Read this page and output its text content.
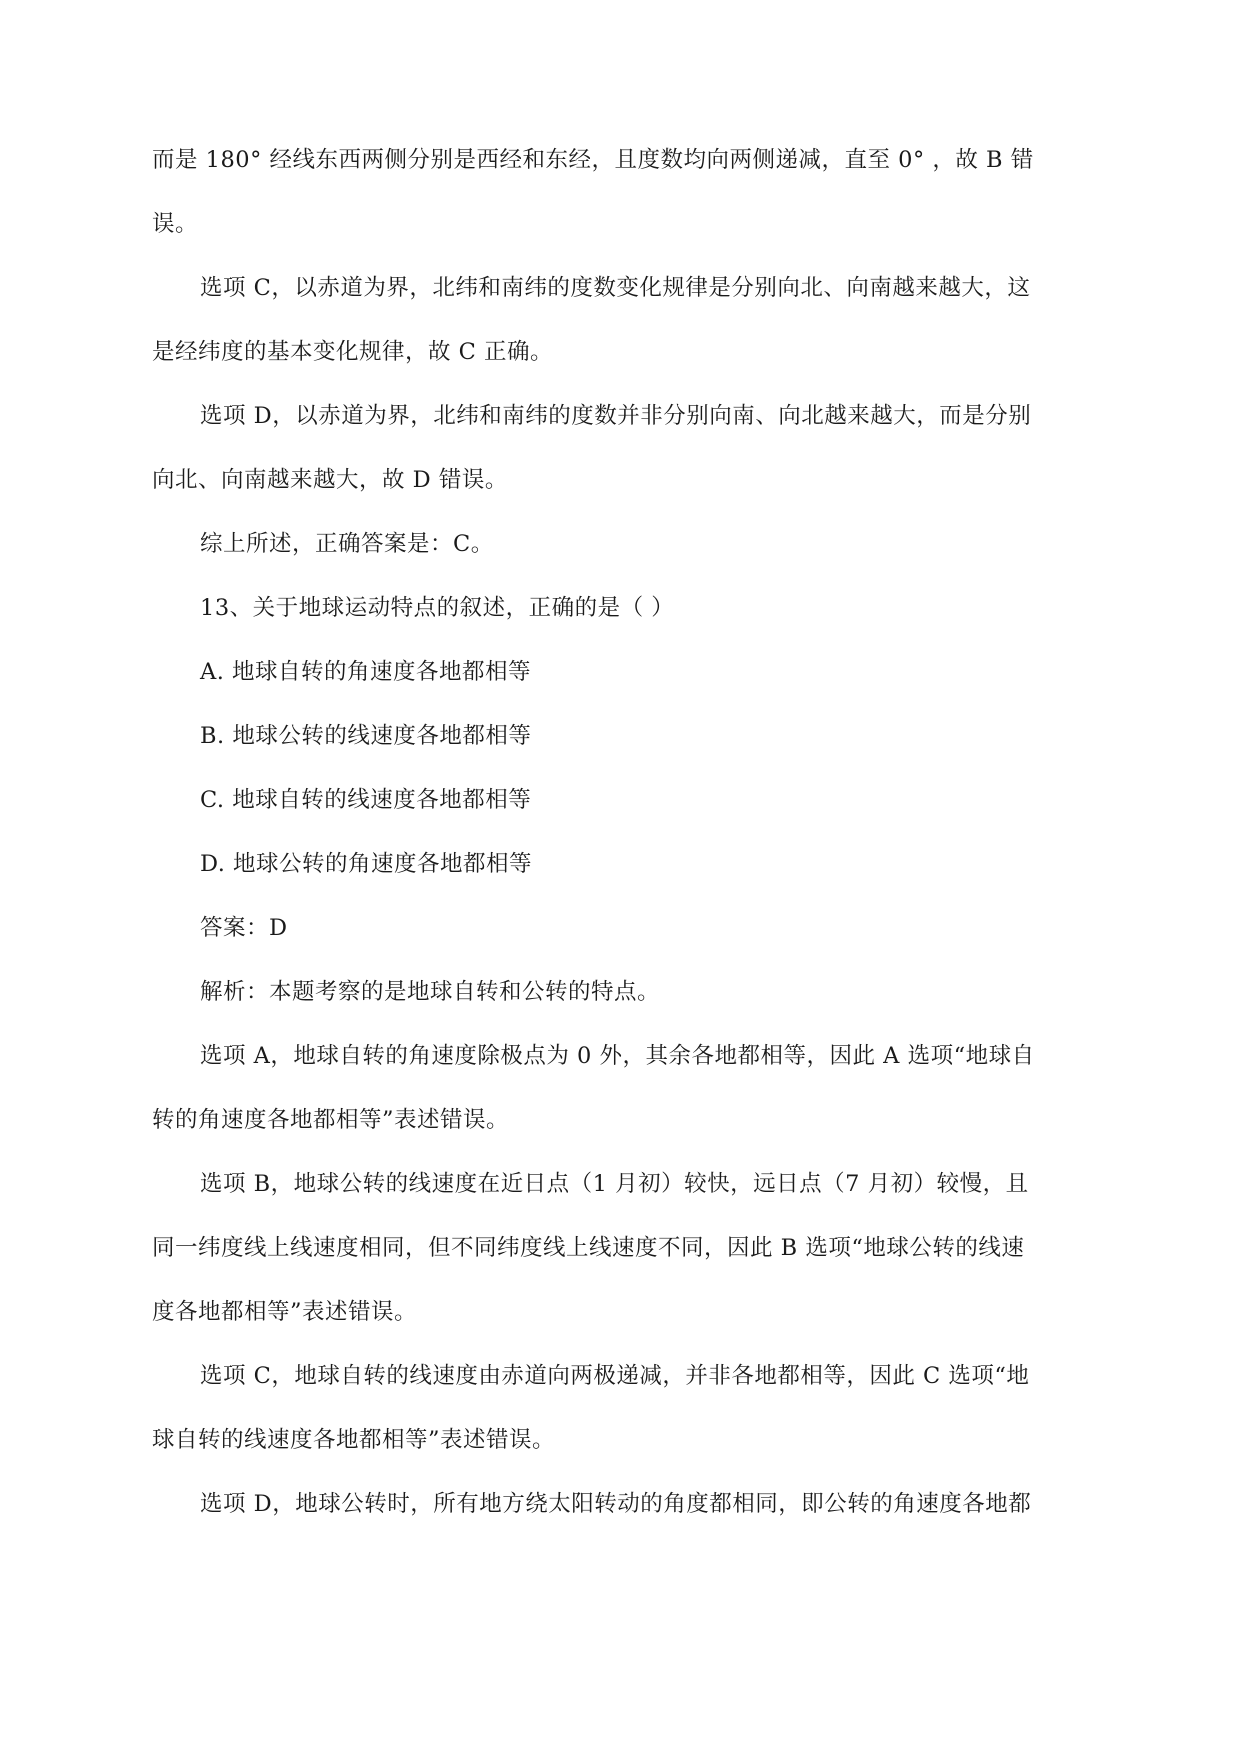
而是 180° 经线东西两侧分别是西经和东经，且度数均向两侧递减，直至 0° ，故 B 错
误。

选项 C，以赤道为界，北纬和南纬的度数变化规律是分别向北、向南越来越大，这
是经纬度的基本变化规律，故 C 正确。

选项 D，以赤道为界，北纬和南纬的度数并非分别向南、向北越来越大，而是分别
向北、向南越来越大，故 D 错误。

综上所述，正确答案是：C。

13、关于地球运动特点的叙述，正确的是（ ）

A. 地球自转的角速度各地都相等

B. 地球公转的线速度各地都相等

C. 地球自转的线速度各地都相等

D. 地球公转的角速度各地都相等

答案：D

解析：本题考察的是地球自转和公转的特点。

选项 A，地球自转的角速度除极点为 0 外，其余各地都相等，因此 A 选项“地球自
转的角速度各地都相等”表述错误。

选项 B，地球公转的线速度在近日点（1 月初）较快，远日点（7 月初）较慢，且
同一纬度线上线速度相同，但不同纬度线上线速度不同，因此 B 选项“地球公转的线速
度各地都相等”表述错误。

选项 C，地球自转的线速度由赤道向两极递减，并非各地都相等，因此 C 选项“地
球自转的线速度各地都相等”表述错误。

选项 D，地球公转时，所有地方绕太阳转动的角度都相同，即公转的角速度各地都
